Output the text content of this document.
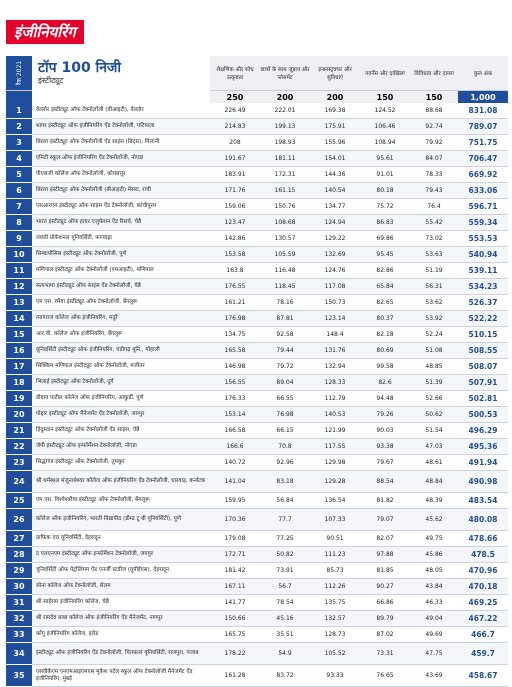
इंजीनियरिंग
रैंक 2021	टॉप 100 निजी
इंस्टीट्यूट	शैक्षणिक और शोध उत्कृष्टता	छात्रों के साथ जुड़ाव और प्लेसमेंट	इन्फ्रास्ट्रक्चर और सुविधाएं	गवर्नेंस और दाखिला	विविधता और दायरा	कुल अंक
		250	200	200	150	150	1,000
1	वेल्लोर इंस्टीट्यूट ऑफ टेक्नोलॉजी (वीआइटी), वेल्लोर	226.49	222.01	169.38	124.52	88.68	831.08
2	थापर इंस्टीट्यूट ऑफ इंजीनियरिंग ऐंड टेक्नोलॉजी, पटियाला	214.83	199.13	175.91	106.46	92.74	789.07
3	बिरला इंस्टीट्यूट ऑफ टेक्नोलॉजी ऐंड साइंस (बिट्स), पिलानी	208	198.93	155.96	108.94	79.92	751.75
4	एमिटी स्कूल ऑफ इंजीनियरिंग ऐंड टेक्नोलॉजी, नोएडा	191.67	181.11	154.01	95.61	84.07	706.47
5	पीएसजी कॉलेज ऑफ टेक्नोलॉजी, कोयंबत्तूर	183.91	172.31	144.36	91.01	78.33	669.92
6	बिरला इंस्टीट्यूट ऑफ टेक्नोलॉजी (बीआइटी) मेसरा, रांची	171.76	161.15	140.54	80.18	79.43	633.06
7	एसआरएम इंस्टीट्यूट ऑफ साइंस ऐंड टेक्नोलॉजी, कांचीपुरम	159.06	150.76	134.77	75.72	76.4	596.71
8	भारत इंस्टीट्यूट ऑफ हायर एजुकेशन ऐंड रिसर्च, चेन्नै	123.47	108.68	124.94	86.83	55.42	559.34
9	लवली प्रोफेशनल यूनिवर्सिटी, फगवाड़ा	142.86	130.57	129.22	69.86	73.02	553.53
10	सिम्बायोसिस इंस्टीट्यूट ऑफ टेक्नोलॉजी, पुणे	153.58	105.59	132.69	95.45	53.63	540.94
11	मणिपाल इंस्टीट्यूट ऑफ टेक्नोलॉजी (एमआइटी), मणिपाल	163.8	116.48	124.76	82.86	51.19	539.11
12	सत्यभामा इंस्टीट्यूट ऑफ साइंस ऐंड टेक्नोलॉजी, चेन्नै	176.55	118.45	117.08	65.84	56.31	534.23
13	एम.एस. रमैया इंस्टीट्यूट ऑफ टेक्नोलॉजी, बेंगलूरू	161.21	78.16	150.73	82.65	53.62	526.37
14	त्यागराज कॉलेज ऑफ इंजीनियरिंग, मदुरै	176.98	87.81	123.14	80.37	53.92	522.22
15	आर.वी. कॉलेज ऑफ इंजीनियरिंग, बेंगलूरू	134.75	92.58	148.4	82.18	52.24	510.15
16	यूनिवर्सिटी इंस्टीट्यूट ऑफ इंजीनियरिंग, चंडीगढ़ यूनि., मोहाली	165.58	79.44	131.76	80.69	51.08	508.55
17	सिक्किम मणिपाल इंस्टीट्यूट ऑफ टेक्नोलॉजी, मजीतर	146.98	79.72	132.94	99.58	48.85	508.07
18	भिलाई इंस्टीट्यूट ऑफ टेक्नोलॉजी, दुर्ग	156.55	89.04	128.33	82.6	51.39	507.91
19	डीवाय पाटील कॉलेज ऑफ इंजीनियरिंग, आकुर्डी, पुणे	176.33	66.55	112.79	94.48	52.66	502.81
20	पोद्दार इंस्टीट्यूट ऑफ मैनेजमेंट ऐंड टेक्नोलॉजी, जयपुर	153.14	76.98	140.53	79.26	50.62	500.53
21	हिंदुस्तान इंस्टीट्यूट ऑफ टेक्नोलॉजी ऐंड साइंस, चेन्नै	166.58	66.15	121.99	90.03	51.54	496.29
22	जेपी इंस्टीट्यूट ऑफ इन्फॉर्मेशन टेक्नोलॉजी, नोएडा	166.6	70.8	117.55	93.38	47.03	495.36
23	सिद्धगंगा इंस्टीट्यूट ऑफ टेक्नोलॉजी, तुमकूर	140.72	92.96	129.98	79.67	48.61	491.94
24	श्री धर्मस्थल मंजुनाथेश्वर कॉलेज ऑफ इंजीनियरिंग ऐंड टेक्नोलॉजी, धारवाड़, कर्नाटक	141.04	83.18	129.28	88.54	48.84	490.98
25	एम.एस. विश्वेश्वरैया इंस्टीट्यूट ऑफ टेक्नोलॉजी, बेंगलूरू	159.95	56.84	136.54	81.82	48.39	483.54
26	कॉलेज ऑफ इंजीनियरिंग, भारती विद्यापीठ (डीम्ड टू बी यूनिवर्सिटी), पुणे	170.36	77.7	107.33	79.07	45.62	480.08
27	ग्राफिक एरा यूनिवर्सिटी, देहरादून	179.08	77.25	90.51	82.07	49.75	478.66
28	द एलएनएम इंस्टीट्यूट ऑफ इन्फॉर्मेशन टेक्नोलॉजी, जयपुर	172.71	50.82	111.23	97.88	45.86	478.5
29	यूनिवर्सिटी ऑफ पेट्रोलियम ऐंड एनर्जी स्टडीज (यूपीईएस), देहरादून	181.42	73.91	85.73	81.85	48.05	470.96
30	सोना कॉलेज ऑफ टेक्नोलॉजी, सेलम	167.11	56.7	112.26	90.27	43.84	470.18
31	श्री साईराम इंजीनियरिंग कॉलेज, चेन्नै	141.77	78.54	135.75	66.86	46.33	469.25
32	श्री रामदेव बाबा कॉलेज ऑफ इंजीनियरिंग ऐंड मैनेजमेंट, नागपुर	150.66	45.16	132.57	89.79	49.04	467.22
33	कोंगू इंजीनियरिंग कॉलेज, इरोड	165.75	35.51	128.73	87.02	49.69	466.7
34	इंस्टीट्यूट ऑफ इंजीनियरिंग ऐंड टेक्नोलॉजी, चितकारा यूनिवर्सिटी, राजपुरा, पंजाब	178.22	54.9	105.52	73.31	47.75	459.7
35	एसवीकेएम एनएमआइएमएस मुकेश पटेल स्कूल ऑफ टेक्नोलॉजी मैनेजमेंट ऐंड इंजीनियरिंग, मुंबई	161.28	83.72	93.33	76.65	43.69	458.67
